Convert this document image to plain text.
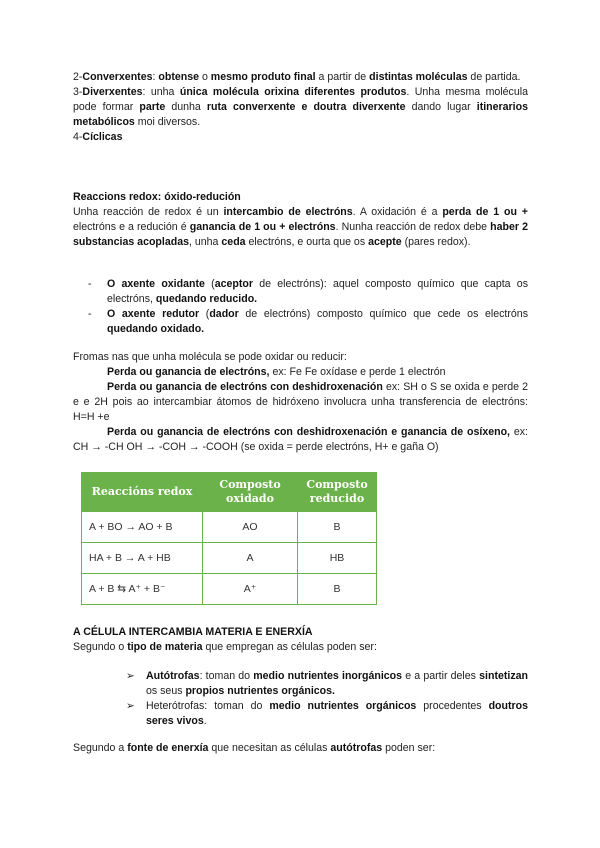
2-Converxentes: obtense o mesmo produto final a partir de distintas moléculas de partida.

3-Diverxentes: unha única molécula orixina diferentes produtos. Unha mesma molécula pode formar parte dunha ruta converxente e doutra diverxente dando lugar itinerarios metabólicos moi diversos.

4-Cíclicas

Reaccions redox: óxido-redución

Unha reacción de redox é un intercambio de electróns. A oxidación é a perda de 1 ou + electróns e a redución é ganancia de 1 ou + electróns. Nunha reacción de redox debe haber 2 substancias acopladas, unha ceda electróns, e ourta que os acepte (pares redox).

- O axente oxidante (aceptor de electróns): aquel composto químico que capta os electróns, quedando reducido.
- O axente redutor (dador de electróns) composto químico que cede os electróns quedando oxidado.

Fromas nas que unha molécula se pode oxidar ou reducir:

Perda ou ganancia de electróns, ex: Fe Fe oxídase e perde 1 electrón

Perda ou ganancia de electróns con deshidroxenación ex: SH o S se oxida e perde 2 e e 2H pois ao intercambiar átomos de hidróxeno involucra unha transferencia de electróns: H=H +e

Perda ou ganancia de electróns con deshidroxenación e ganancia de osíxeno, ex: CH → -CH OH → -COH → -COOH (se oxida = perde electróns, H+ e gaña O)

Reaccións redox	Composto oxidado	Composto reducido
A + BO → AO + B	AO	B
HA + B → A + HB	A	HB
A + B ⇆ A⁺ + B⁻	A⁺	B

A CÉLULA INTERCAMBIA MATERIA E ENERXÍA

Segundo o tipo de materia que empregan as células poden ser:

➢ Autótrofas: toman do medio nutrientes inorgánicos e a partir deles sintetizan os seus propios nutrientes orgánicos.
➢ Heterótrofas: toman do medio nutrientes orgánicos procedentes doutros seres vivos.

Segundo a fonte de enerxía que necesitan as células autótrofas poden ser:
